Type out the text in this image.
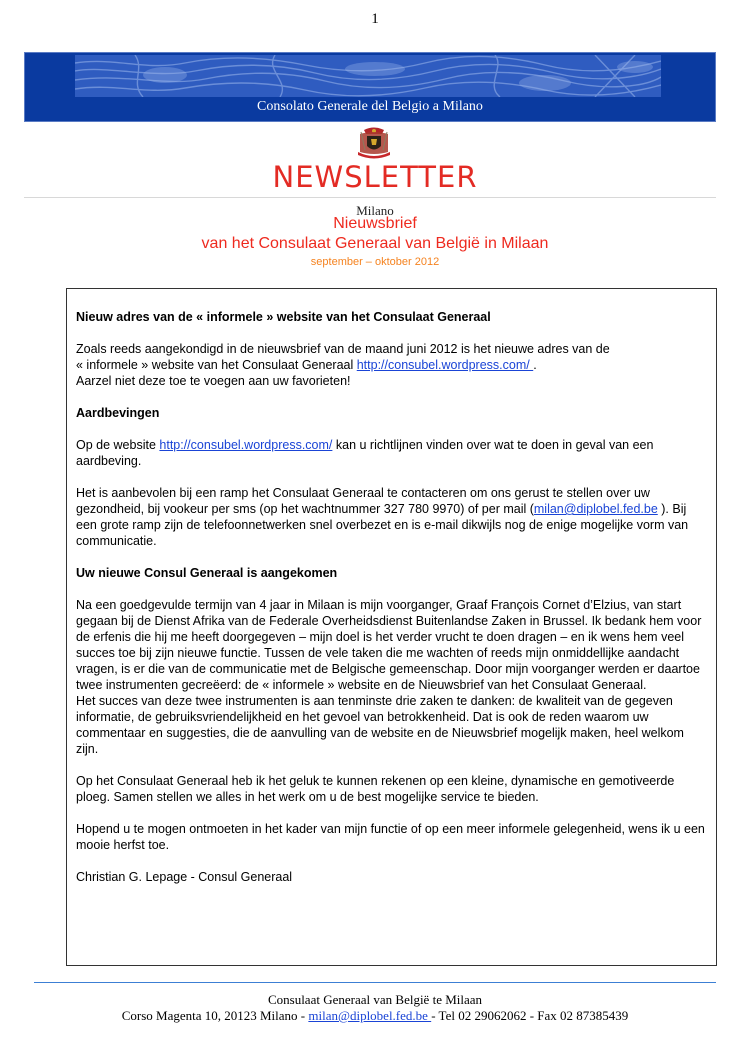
1
Consolato Generale del Belgio a Milano
NEWSLETTER
Milano
Nieuwsbrief
van het Consulaat Generaal van België in Milaan
september – oktober 2012
Nieuw adres van de « informele » website van het Consulaat Generaal

Zoals reeds aangekondigd in de nieuwsbrief van de maand juni 2012 is het nieuwe adres van de
« informele » website van het Consulaat Generaal http://consubel.wordpress.com/ .
Aarzel niet deze toe te voegen aan uw favorieten!

Aardbevingen

Op de website http://consubel.wordpress.com/ kan u richtlijnen vinden over wat te doen in geval van een aardbeving.

Het is aanbevolen bij een ramp het Consulaat Generaal te contacteren om ons gerust te stellen over uw gezondheid, bij vookeur per sms (op het wachtnummer 327 780 9970) of per mail (milan@diplobel.fed.be ). Bij een grote ramp zijn de telefoonnetwerken snel overbezet en is e-mail dikwijls nog de enige mogelijke vorm van communicatie.

Uw nieuwe Consul Generaal is aangekomen

Na een goedgevulde termijn van 4 jaar in Milaan is mijn voorganger, Graaf François Cornet d’Elzius, van start gegaan bij de Dienst Afrika van de Federale Overheidsdienst Buitenlandse Zaken in Brussel. Ik bedank hem voor de erfenis die hij me heeft doorgegeven – mijn doel is het verder vrucht te doen dragen – en ik wens hem veel succes toe bij zijn nieuwe functie. Tussen de vele taken die me wachten of reeds mijn onmiddellijke aandacht vragen, is er die van de communicatie met de Belgische gemeenschap. Door mijn voorganger werden er daartoe twee instrumenten gecreëerd: de « informele » website en de Nieuwsbrief van het Consulaat Generaal.

Het succes van deze twee instrumenten is aan tenminste drie zaken te danken: de kwaliteit van de gegeven informatie, de gebruiksvriendelijkheid en het gevoel van betrokkenheid. Dat is ook de reden waarom uw commentaar en suggesties, die de aanvulling van de website en de Nieuwsbrief mogelijk maken, heel welkom zijn.

Op het Consulaat Generaal heb ik het geluk te kunnen rekenen op een kleine, dynamische en gemotiveerde ploeg. Samen stellen we alles in het werk om u de best mogelijke service te bieden.

Hopend u te mogen ontmoeten in het kader van mijn functie of op een meer informele gelegenheid, wens ik u een mooie herfst toe.

Christian G. Lepage - Consul Generaal

Consulaat Generaal van België te Milaan
Corso Magenta 10, 20123 Milano - milan@diplobel.fed.be - Tel 02 29062062 - Fax 02 87385439
